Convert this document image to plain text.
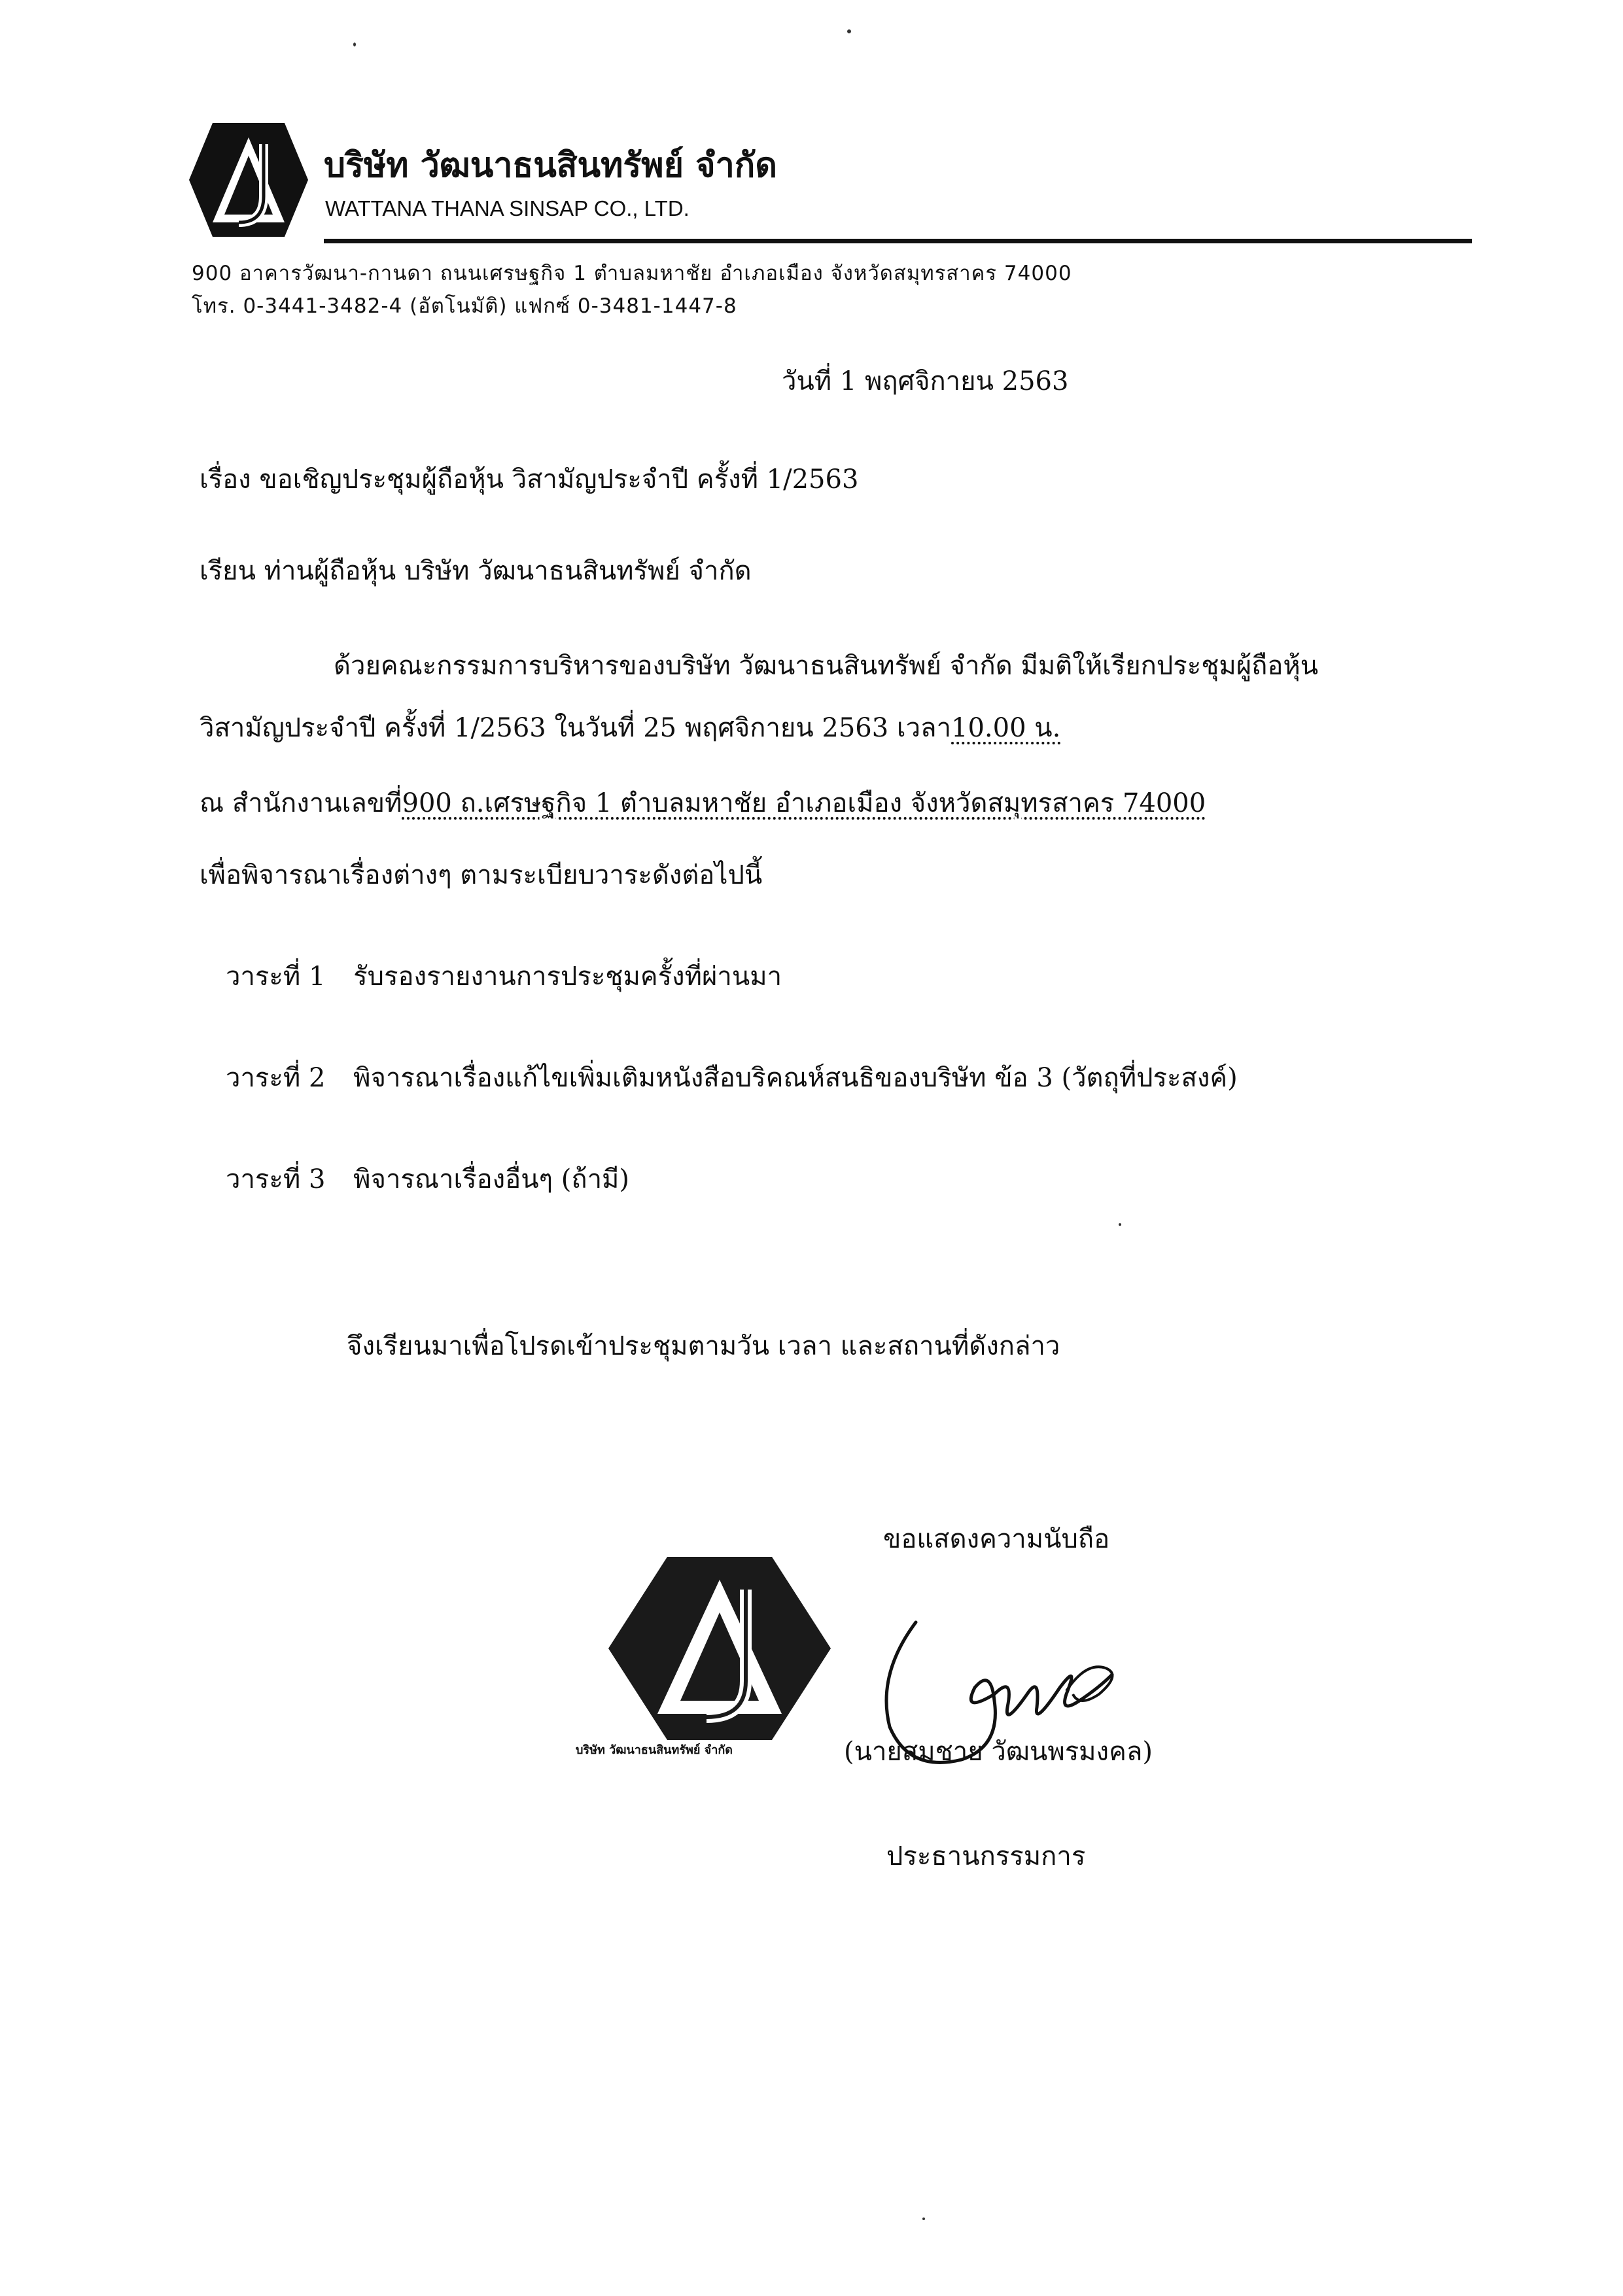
บริษัท วัฒนาธนสินทรัพย์ จำกัด
WATTANA THANA SINSAP CO., LTD.
900 อาคารวัฒนา-กานดา ถนนเศรษฐกิจ 1 ตำบลมหาชัย อำเภอเมือง จังหวัดสมุทรสาคร 74000
โทร. 0-3441-3482-4 (อัตโนมัติ) แฟกซ์ 0-3481-1447-8
วันที่ 1 พฤศจิกายน 2563
เรื่อง ขอเชิญประชุมผู้ถือหุ้น วิสามัญประจำปี ครั้งที่ 1/2563
เรียน ท่านผู้ถือหุ้น บริษัท วัฒนาธนสินทรัพย์ จำกัด
ด้วยคณะกรรมการบริหารของบริษัท วัฒนาธนสินทรัพย์ จำกัด มีมติให้เรียกประชุมผู้ถือหุ้น
วิสามัญประจำปี ครั้งที่ 1/2563 ในวันที่ 25 พฤศจิกายน 2563 เวลา10.00 น.
ณ สำนักงานเลขที่900 ถ.เศรษฐกิจ 1 ตำบลมหาชัย อำเภอเมือง จังหวัดสมุทรสาคร 74000
เพื่อพิจารณาเรื่องต่างๆ ตามระเบียบวาระดังต่อไปนี้
วาระที่ 1 รับรองรายงานการประชุมครั้งที่ผ่านมา
วาระที่ 2 พิจารณาเรื่องแก้ไขเพิ่มเติมหนังสือบริคณห์สนธิของบริษัท ข้อ 3 (วัตถุที่ประสงค์)
วาระที่ 3 พิจารณาเรื่องอื่นๆ (ถ้ามี)
จึงเรียนมาเพื่อโปรดเข้าประชุมตามวัน เวลา และสถานที่ดังกล่าว
บริษัท วัฒนาธนสินทรัพย์ จำกัด
ขอแสดงความนับถือ
(นายสมชาย วัฒนพรมงคล)
ประธานกรรมการ
